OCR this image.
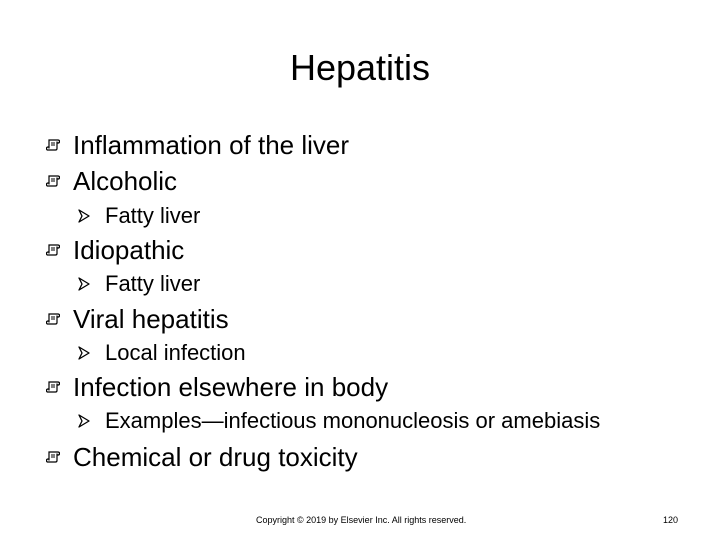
Hepatitis
Inflammation of the liver
Alcoholic
Fatty liver
Idiopathic
Fatty liver
Viral hepatitis
Local infection
Infection elsewhere in body
Examples—infectious mononucleosis or amebiasis
Chemical or drug toxicity
Copyright © 2019 by Elsevier Inc. All rights reserved.	120
